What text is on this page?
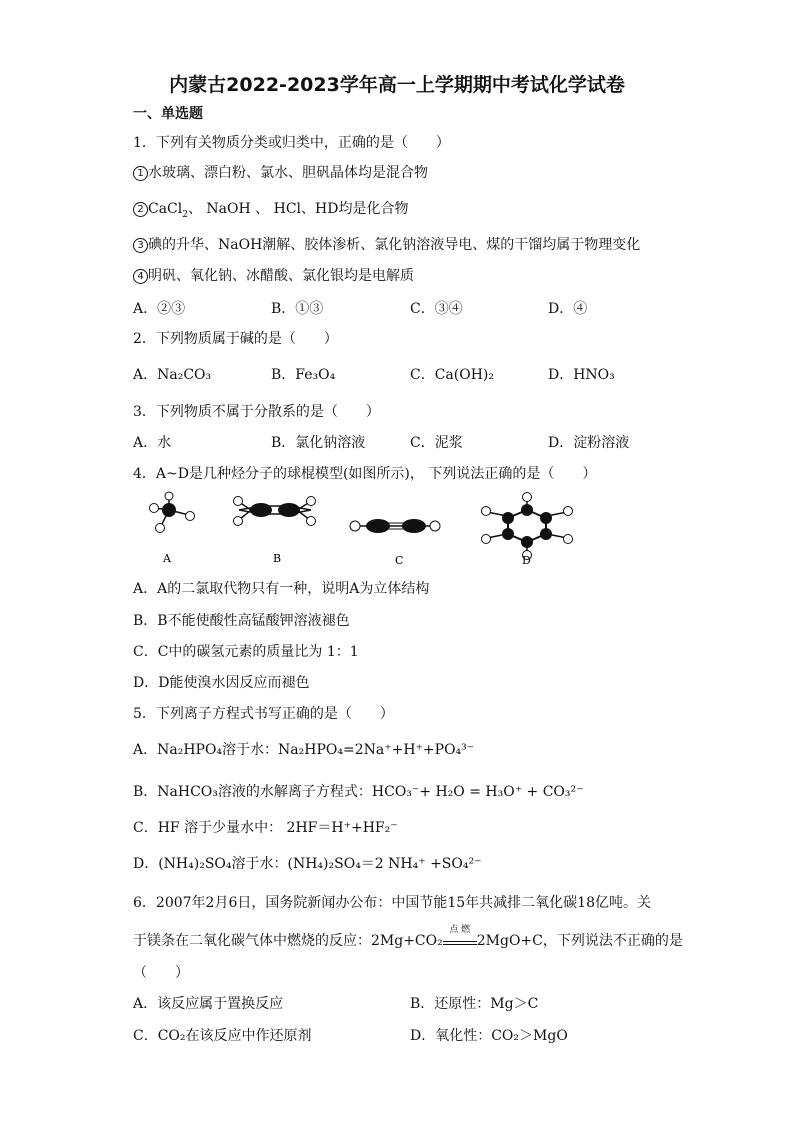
内蒙古2022-2023学年高一上学期期中考试化学试卷
一、单选题
1．下列有关物质分类或归类中，正确的是（　　）
1 水玻璃、漂白粉、氯水、胆矾晶体均是混合物
2 CaCl$_2$、 NaOH 、 HCl、HD均是化合物
3 碘的升华、NaOH潮解、胶体渗析、氯化钠溶液导电、煤的干馏均属于物理变化
4 明矾、氧化钠、冰醋酸、氯化银均是电解质
A．②③	B．①③	C．③④	D．④
2．下列物质属于碱的是（　　）
A．Na₂CO₃	B．Fe₃O₄	C．Ca(OH)₂	D．HNO₃
3．下列物质不属于分散系的是（　　）
A．水	B．氯化钠溶液	C．泥浆	D．淀粉溶液
4．A~D是几种烃分子的球棍模型(如图所示)， 下列说法正确的是（　　）
A	B	C	D
A．A的二氯取代物只有一种，说明A为立体结构
B．B不能使酸性高锰酸钾溶液褪色
C．C中的碳氢元素的质量比为 1：1
D．D能使溴水因反应而褪色
5．下列离子方程式书写正确的是（　　）
A．Na₂HPO₄溶于水：Na₂HPO₄=2Na⁺+H⁺+PO₄³⁻
B．NaHCO₃溶液的水解离子方程式：HCO₃⁻+ H₂O = H₃O⁺ + CO₃²⁻
C．HF 溶于少量水中： 2HF＝H⁺+HF₂⁻
D．(NH₄)₂SO₄溶于水：(NH₄)₂SO₄＝2 NH₄⁺ +SO₄²⁻
6．2007年2月6日，国务院新闻办公布：中国节能15年共减排二氧化碳18亿吨。关
于镁条在二氧化碳气体中燃烧的反应：2Mg+CO₂
点 燃
2MgO+C，下列说法不正确的是
（　　）
A．该反应属于置换反应	B．还原性：Mg＞C
C．CO₂在该反应中作还原剂	D．氧化性：CO₂＞MgO
